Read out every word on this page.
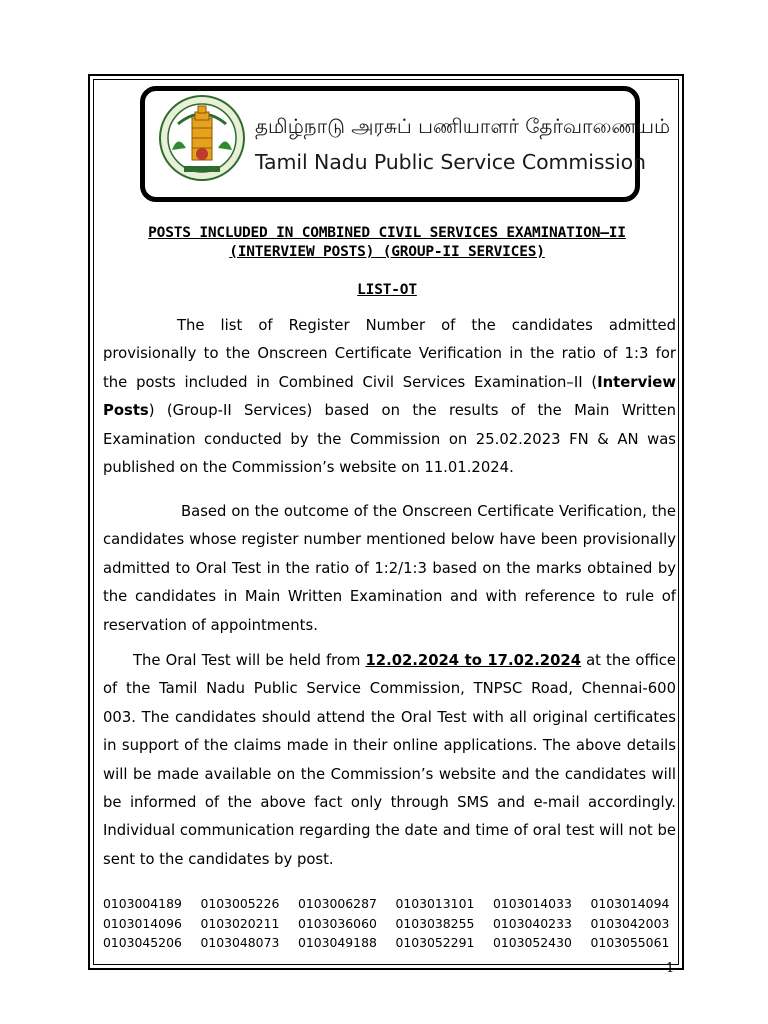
தமிழ்நாடு அரசுப் பணியாளர் தேர்வாணையம்
Tamil Nadu Public Service Commission
POSTS INCLUDED IN COMBINED CIVIL SERVICES EXAMINATION–II
(INTERVIEW POSTS) (GROUP-II SERVICES)
LIST-OT
The list of Register Number of the candidates admitted provisionally to the Onscreen Certificate Verification in the ratio of 1:3 for the posts included in Combined Civil Services Examination–II (Interview Posts) (Group-II Services) based on the results of the Main Written Examination conducted by the Commission on 25.02.2023 FN & AN was published on the Commission’s website on 11.01.2024.
Based on the outcome of the Onscreen Certificate Verification, the candidates whose register number mentioned below have been provisionally admitted to Oral Test in the ratio of 1:2/1:3 based on the marks obtained by the candidates in Main Written Examination and with reference to rule of reservation of appointments.
The Oral Test will be held from 12.02.2024 to 17.02.2024 at the office of the Tamil Nadu Public Service Commission, TNPSC Road, Chennai-600 003. The candidates should attend the Oral Test with all original certificates in support of the claims made in their online applications. The above details will be made available on the Commission’s website and the candidates will be informed of the above fact only through SMS and e-mail accordingly. Individual communication regarding the date and time of oral test will not be sent to the candidates by post.
0103004189	0103005226	0103006287	0103013101	0103014033	0103014094
0103014096	0103020211	0103036060	0103038255	0103040233	0103042003
0103045206	0103048073	0103049188	0103052291	0103052430	0103055061
1
